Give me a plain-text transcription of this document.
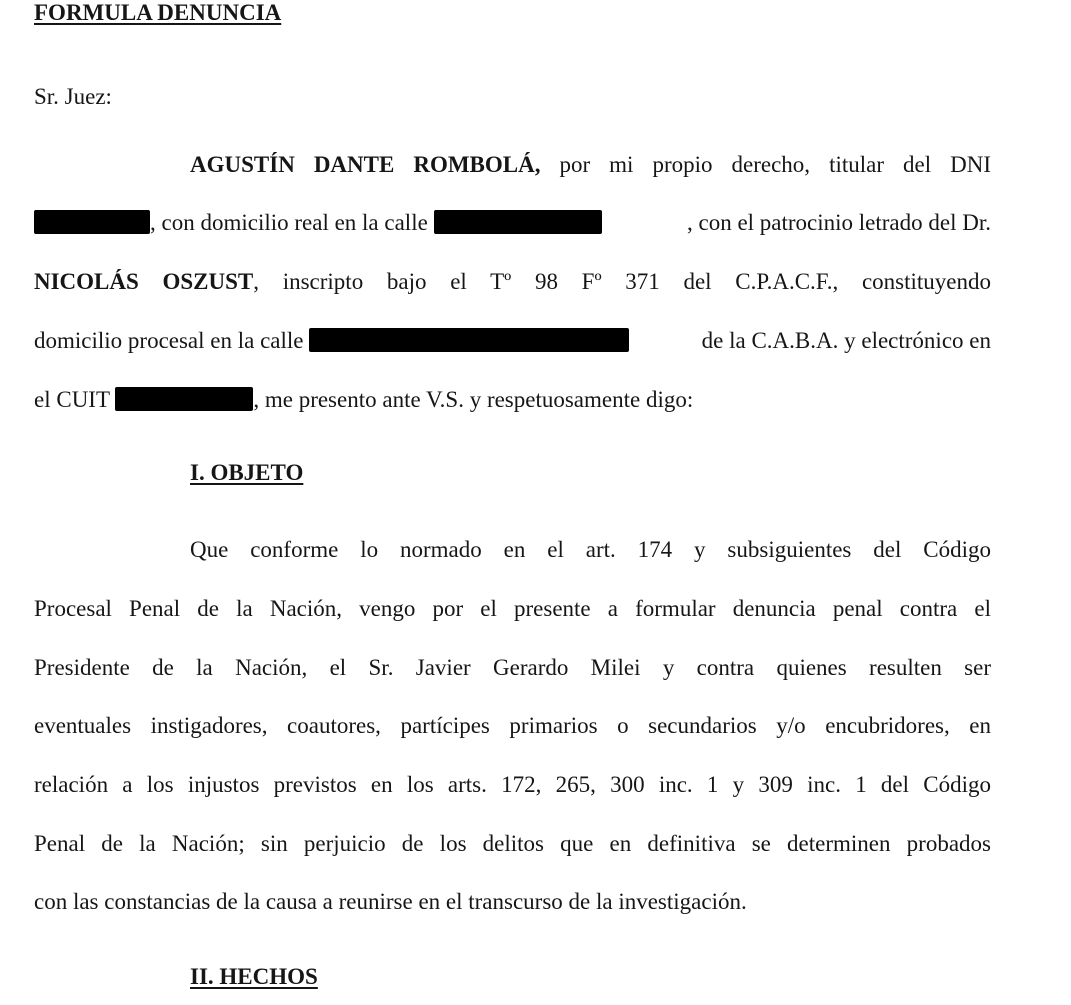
FORMULA DENUNCIA
Sr. Juez:
AGUSTÍN DANTE ROMBOLÁ, por mi propio derecho, titular del DNI
, con domicilio real en la calle	, con el patrocinio letrado del Dr.
NICOLÁS OSZUST, inscripto bajo el Tº 98 Fº 371 del C.P.A.C.F., constituyendo
domicilio procesal en la calle	de la C.A.B.A. y electrónico en
el CUIT	, me presento ante V.S. y respetuosamente digo:
I. OBJETO
Que conforme lo normado en el art. 174 y subsiguientes del Código
Procesal Penal de la Nación, vengo por el presente a formular denuncia penal contra el
Presidente de la Nación, el Sr. Javier Gerardo Milei y contra quienes resulten ser
eventuales instigadores, coautores, partícipes primarios o secundarios y/o encubridores, en
relación a los injustos previstos en los arts. 172, 265, 300 inc. 1 y 309 inc. 1 del Código
Penal de la Nación; sin perjuicio de los delitos que en definitiva se determinen probados
con las constancias de la causa a reunirse en el transcurso de la investigación.
II. HECHOS
